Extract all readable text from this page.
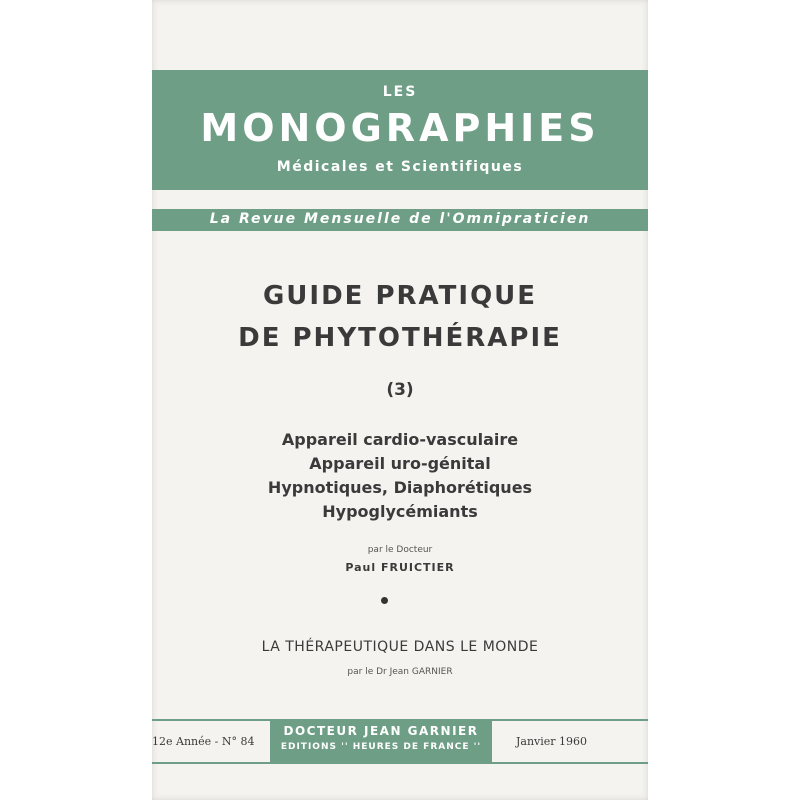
LES
MONOGRAPHIES
Médicales et Scientifiques
La Revue Mensuelle de l'Omnipraticien
GUIDE PRATIQUE
DE PHYTOTHÉRAPIE
(3)
Appareil cardio-vasculaire
Appareil uro-génital
Hypnotiques, Diaphorétiques
Hypoglycémiants
par le Docteur
Paul FRUICTIER
LA THÉRAPEUTIQUE DANS LE MONDE
par le Dr Jean GARNIER
DOCTEUR JEAN GARNIER
EDITIONS '' HEURES DE FRANCE ''
12e Année - N° 84	Janvier 1960
